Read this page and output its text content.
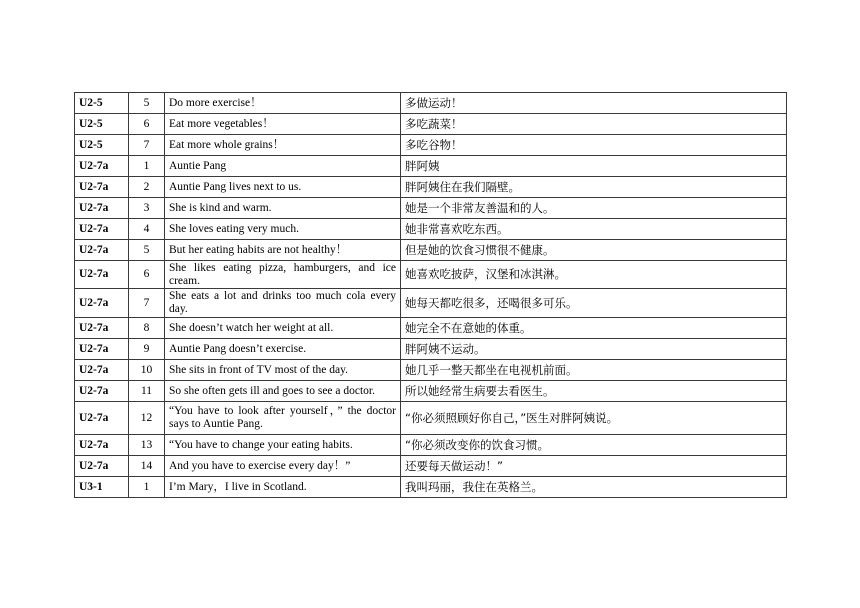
U2-5	5	Do more exercise！	多做运动！
U2-5	6	Eat more vegetables！	多吃蔬菜！
U2-5	7	Eat more whole grains！	多吃谷物！
U2-7a	1	Auntie Pang	胖阿姨
U2-7a	2	Auntie Pang lives next to us.	胖阿姨住在我们隔壁。
U2-7a	3	She is kind and warm.	她是一个非常友善温和的人。
U2-7a	4	She loves eating very much.	她非常喜欢吃东西。
U2-7a	5	But her eating habits are not healthy！	但是她的饮食习惯很不健康。
U2-7a	6	She likes eating pizza, hamburgers, and ice cream.	她喜欢吃披萨，汉堡和冰淇淋。
U2-7a	7	She eats a lot and drinks too much cola every day.	她每天都吃很多，还喝很多可乐。
U2-7a	8	She doesn’t watch her weight at all.	她完全不在意她的体重。
U2-7a	9	Auntie Pang doesn’t exercise.	胖阿姨不运动。
U2-7a	10	She sits in front of TV most of the day.	她几乎一整天都坐在电视机前面。
U2-7a	11	So she often gets ill and goes to see a doctor.	所以她经常生病要去看医生。
U2-7a	12	“You have to look after yourself，” the doctor says to Auntie Pang.	“你必须照顾好你自己，”医生对胖阿姨说。
U2-7a	13	“You have to change your eating habits.	“你必须改变你的饮食习惯。
U2-7a	14	And you have to exercise every day！”	还要每天做运动！”
U3-1	1	I’m Mary，I live in Scotland.	我叫玛丽，我住在英格兰。
